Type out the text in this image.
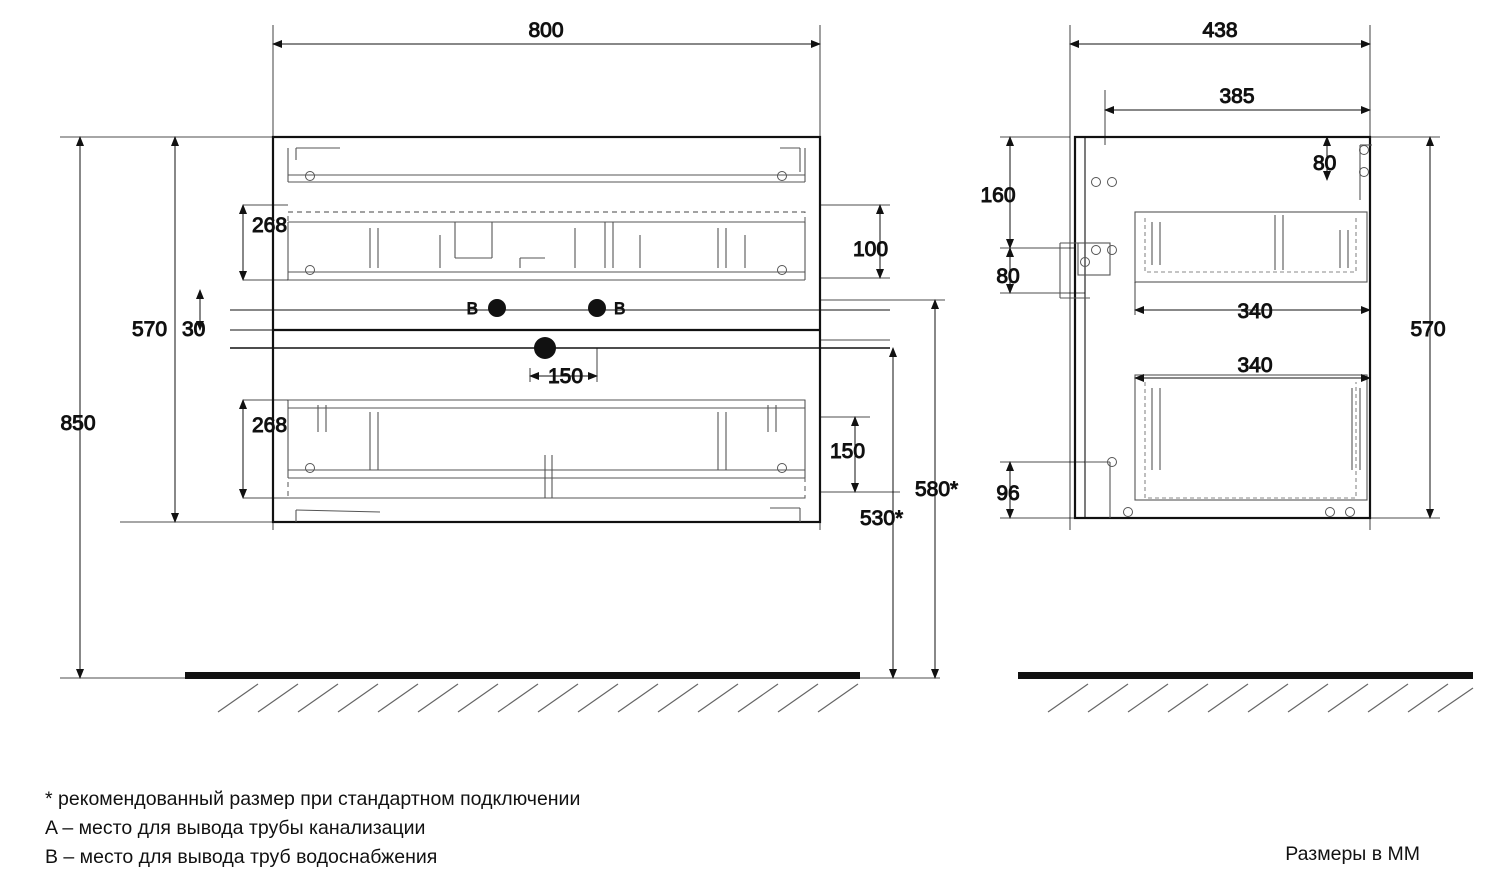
800
268
268
570 30
850
100
150
580*
530*
150
B	B
438
385
80
160
80
96
340
340
570
* рекомендованный размер при стандартном подключении
A – место для вывода трубы канализации
B – место для вывода труб водоснабжения	Размеры в ММ
